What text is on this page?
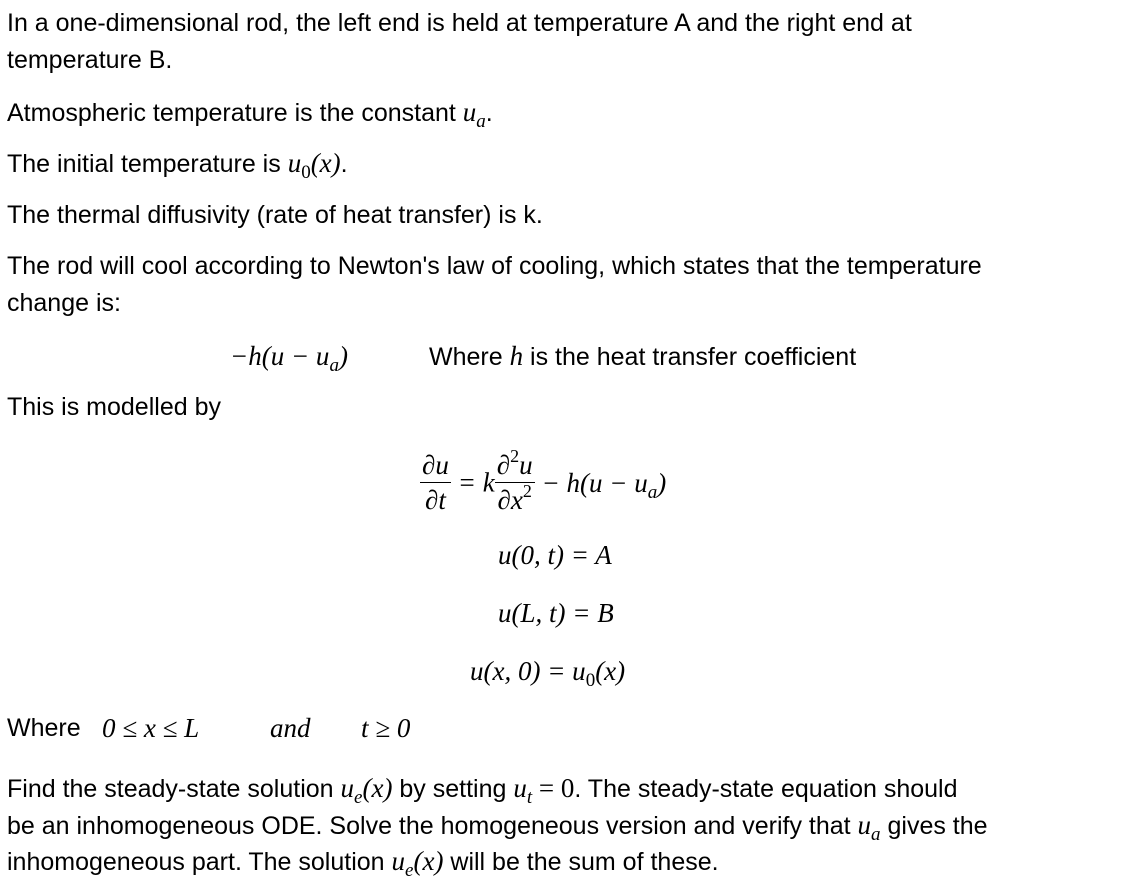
In a one-dimensional rod, the left end is held at temperature A and the right end at
temperature B.
Atmospheric temperature is the constant $u_a$.
The initial temperature is $u_0(x)$.
The thermal diffusivity (rate of heat transfer) is k.
The rod will cool according to Newton's law of cooling, which states that the temperature
change is:
$-h(u - u_a)$	Where h is the heat transfer coefficient
This is modelled by
$\frac{\partial u}{\partial t} = k \frac{\partial^2u}{\partial x^2} - h(u - u_a)$
u(0, t) = A
u(L, t) = B
u(x, $0) = u_0(x)$
Where 0 ≤ x ≤ L	and t ≥ 0
Find the steady-state solution $u_e(x)$ by setting $u_t = 0$. The steady-state equation should
be an inhomogeneous ODE. Solve the homogeneous version and verify that $u_a$ gives the
inhomogeneous part. The solution $u_e(x)$ will be the sum of these.
